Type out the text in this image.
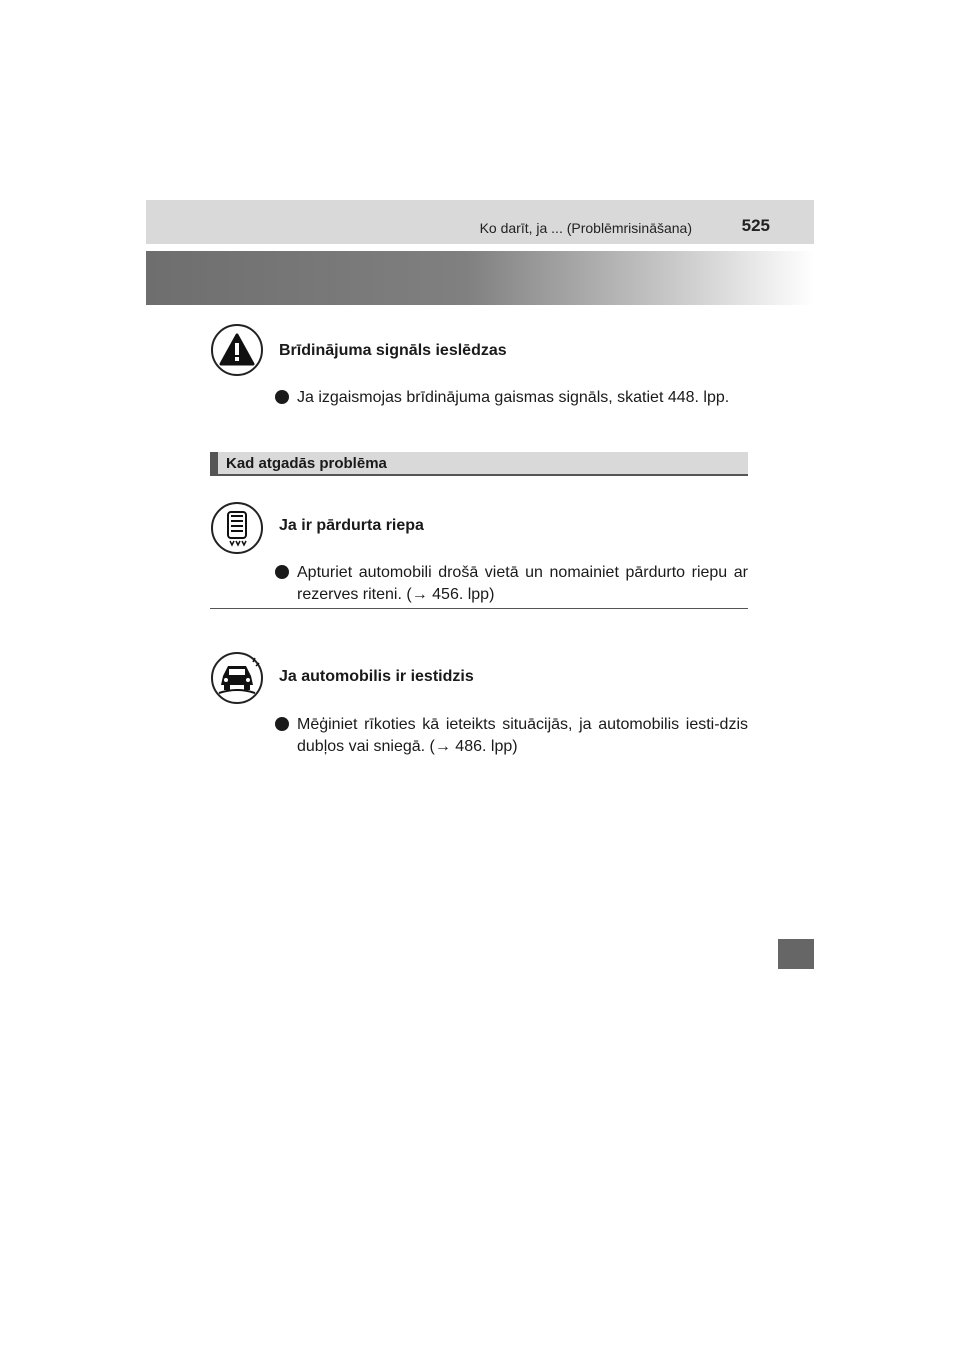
Ko darīt, ja ... (Problēmrisināšana)	525
Brīdinājuma signāls ieslēdzas
Ja izgaismojas brīdinājuma gaismas signāls, skatiet 448. lpp.
Kad atgadās problēma
Ja ir pārdurta riepa
Apturiet automobili drošā vietā un nomainiet pārdurto riepu ar rezerves riteni. (→ 456. lpp)
Ja automobilis ir iestidzis
Mēģiniet rīkoties kā ieteikts situācijās, ja automobilis iesti-dzis dubļos vai sniegā. (→ 486. lpp)
